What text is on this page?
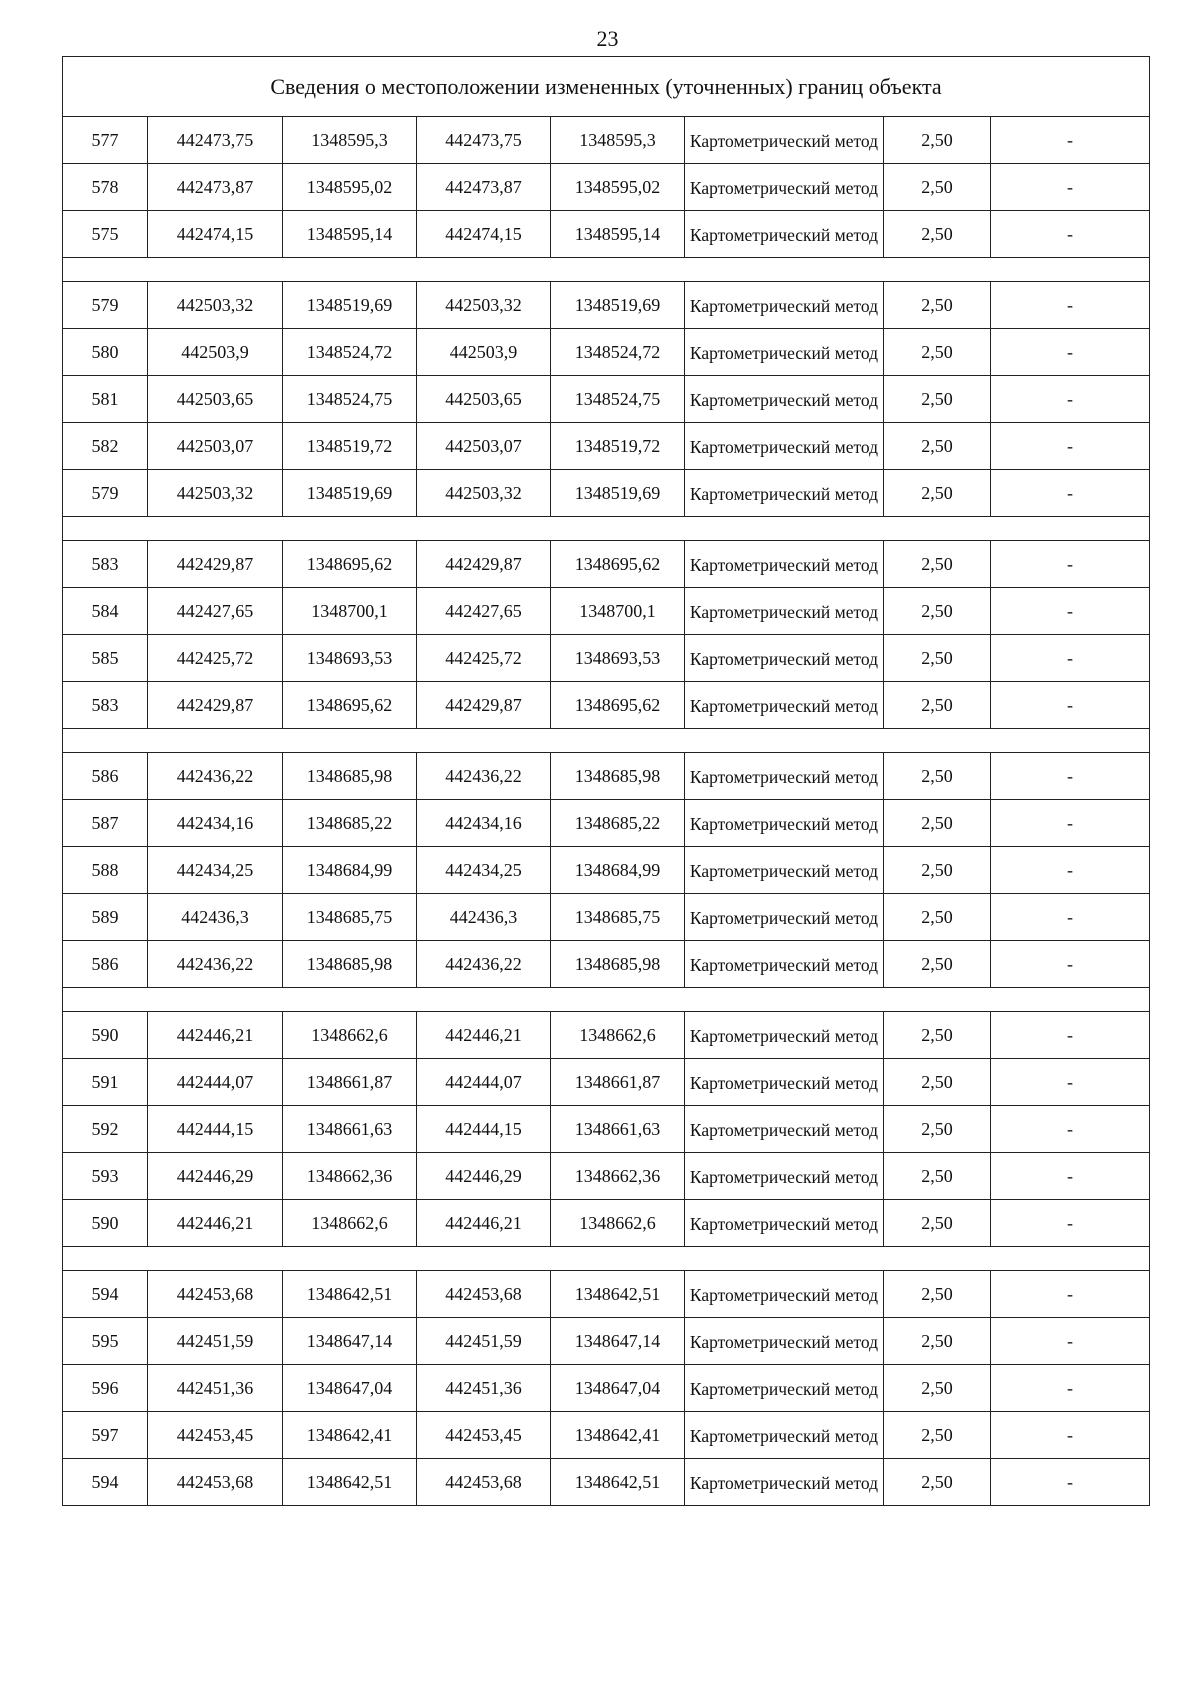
23
Сведения о местоположении измененных (уточненных) границ объекта							
577	442473,75	1348595,3	442473,75	1348595,3	Картометрический метод	2,50	-
578	442473,87	1348595,02	442473,87	1348595,02	Картометрический метод	2,50	-
575	442474,15	1348595,14	442474,15	1348595,14	Картометрический метод	2,50	-

579	442503,32	1348519,69	442503,32	1348519,69	Картометрический метод	2,50	-
580	442503,9	1348524,72	442503,9	1348524,72	Картометрический метод	2,50	-
581	442503,65	1348524,75	442503,65	1348524,75	Картометрический метод	2,50	-
582	442503,07	1348519,72	442503,07	1348519,72	Картометрический метод	2,50	-
579	442503,32	1348519,69	442503,32	1348519,69	Картометрический метод	2,50	-

583	442429,87	1348695,62	442429,87	1348695,62	Картометрический метод	2,50	-
584	442427,65	1348700,1	442427,65	1348700,1	Картометрический метод	2,50	-
585	442425,72	1348693,53	442425,72	1348693,53	Картометрический метод	2,50	-
583	442429,87	1348695,62	442429,87	1348695,62	Картометрический метод	2,50	-

586	442436,22	1348685,98	442436,22	1348685,98	Картометрический метод	2,50	-
587	442434,16	1348685,22	442434,16	1348685,22	Картометрический метод	2,50	-
588	442434,25	1348684,99	442434,25	1348684,99	Картометрический метод	2,50	-
589	442436,3	1348685,75	442436,3	1348685,75	Картометрический метод	2,50	-
586	442436,22	1348685,98	442436,22	1348685,98	Картометрический метод	2,50	-

590	442446,21	1348662,6	442446,21	1348662,6	Картометрический метод	2,50	-
591	442444,07	1348661,87	442444,07	1348661,87	Картометрический метод	2,50	-
592	442444,15	1348661,63	442444,15	1348661,63	Картометрический метод	2,50	-
593	442446,29	1348662,36	442446,29	1348662,36	Картометрический метод	2,50	-
590	442446,21	1348662,6	442446,21	1348662,6	Картометрический метод	2,50	-

594	442453,68	1348642,51	442453,68	1348642,51	Картометрический метод	2,50	-
595	442451,59	1348647,14	442451,59	1348647,14	Картометрический метод	2,50	-
596	442451,36	1348647,04	442451,36	1348647,04	Картометрический метод	2,50	-
597	442453,45	1348642,41	442453,45	1348642,41	Картометрический метод	2,50	-
594	442453,68	1348642,51	442453,68	1348642,51	Картометрический метод	2,50	-
